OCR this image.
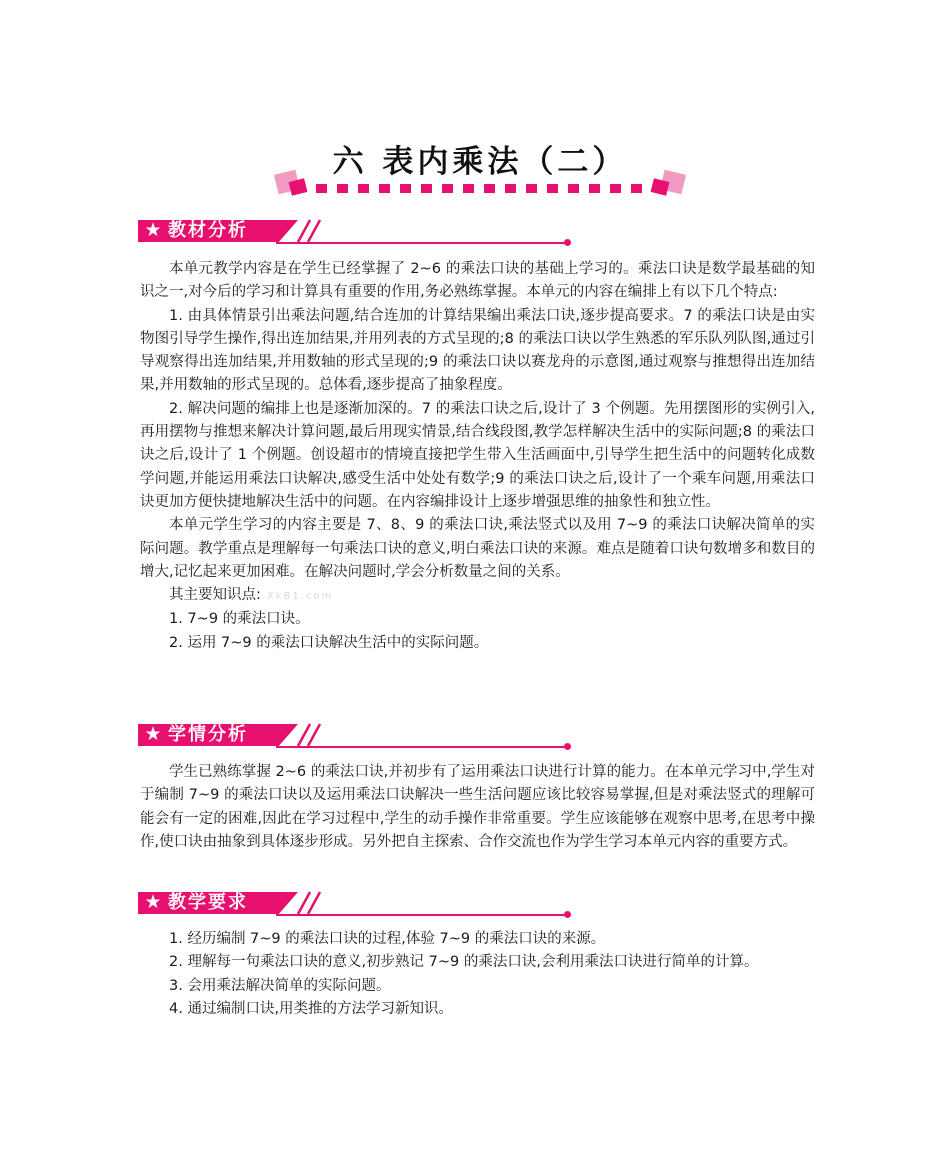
六 表内乘法（二）
★ 教材分析

本单元教学内容是在学生已经掌握了 2~6 的乘法口诀的基础上学习的。乘法口诀是数学最基础的知识之一,对今后的学习和计算具有重要的作用,务必熟练掌握。本单元的内容在编排上有以下几个特点:

1. 由具体情景引出乘法问题,结合连加的计算结果编出乘法口诀,逐步提高要求。7 的乘法口诀是由实物图引导学生操作,得出连加结果,并用列表的方式呈现的;8 的乘法口诀以学生熟悉的军乐队列队图,通过引导观察得出连加结果,并用数轴的形式呈现的;9 的乘法口诀以赛龙舟的示意图,通过观察与推想得出连加结果,并用数轴的形式呈现的。总体看,逐步提高了抽象程度。

2. 解决问题的编排上也是逐渐加深的。7 的乘法口诀之后,设计了 3 个例题。先用摆图形的实例引入,再用摆物与推想来解决计算问题,最后用现实情景,结合线段图,教学怎样解决生活中的实际问题;8 的乘法口诀之后,设计了 1 个例题。创设超市的情境直接把学生带入生活画面中,引导学生把生活中的问题转化成数学问题,并能运用乘法口诀解决,感受生活中处处有数学;9 的乘法口诀之后,设计了一个乘车问题,用乘法口诀更加方便快捷地解决生活中的问题。在内容编排设计上逐步增强思维的抽象性和独立性。

本单元学生学习的内容主要是 7、8、9 的乘法口诀,乘法竖式以及用 7~9 的乘法口诀解决简单的实际问题。教学重点是理解每一句乘法口诀的意义,明白乘法口诀的来源。难点是随着口诀句数增多和数目的增大,记忆起来更加困难。在解决问题时,学会分析数量之间的关系。

其主要知识点: XkB1.com

1. 7~9 的乘法口诀。

2. 运用 7~9 的乘法口诀解决生活中的实际问题。

★ 学情分析

学生已熟练掌握 2~6 的乘法口诀,并初步有了运用乘法口诀进行计算的能力。在本单元学习中,学生对于编制 7~9 的乘法口诀以及运用乘法口诀解决一些生活问题应该比较容易掌握,但是对乘法竖式的理解可能会有一定的困难,因此在学习过程中,学生的动手操作非常重要。学生应该能够在观察中思考,在思考中操作,使口诀由抽象到具体逐步形成。另外把自主探索、合作交流也作为学生学习本单元内容的重要方式。

★ 教学要求

1. 经历编制 7~9 的乘法口诀的过程,体验 7~9 的乘法口诀的来源。

2. 理解每一句乘法口诀的意义,初步熟记 7~9 的乘法口诀,会利用乘法口诀进行简单的计算。

3. 会用乘法解决简单的实际问题。

4. 通过编制口诀,用类推的方法学习新知识。
